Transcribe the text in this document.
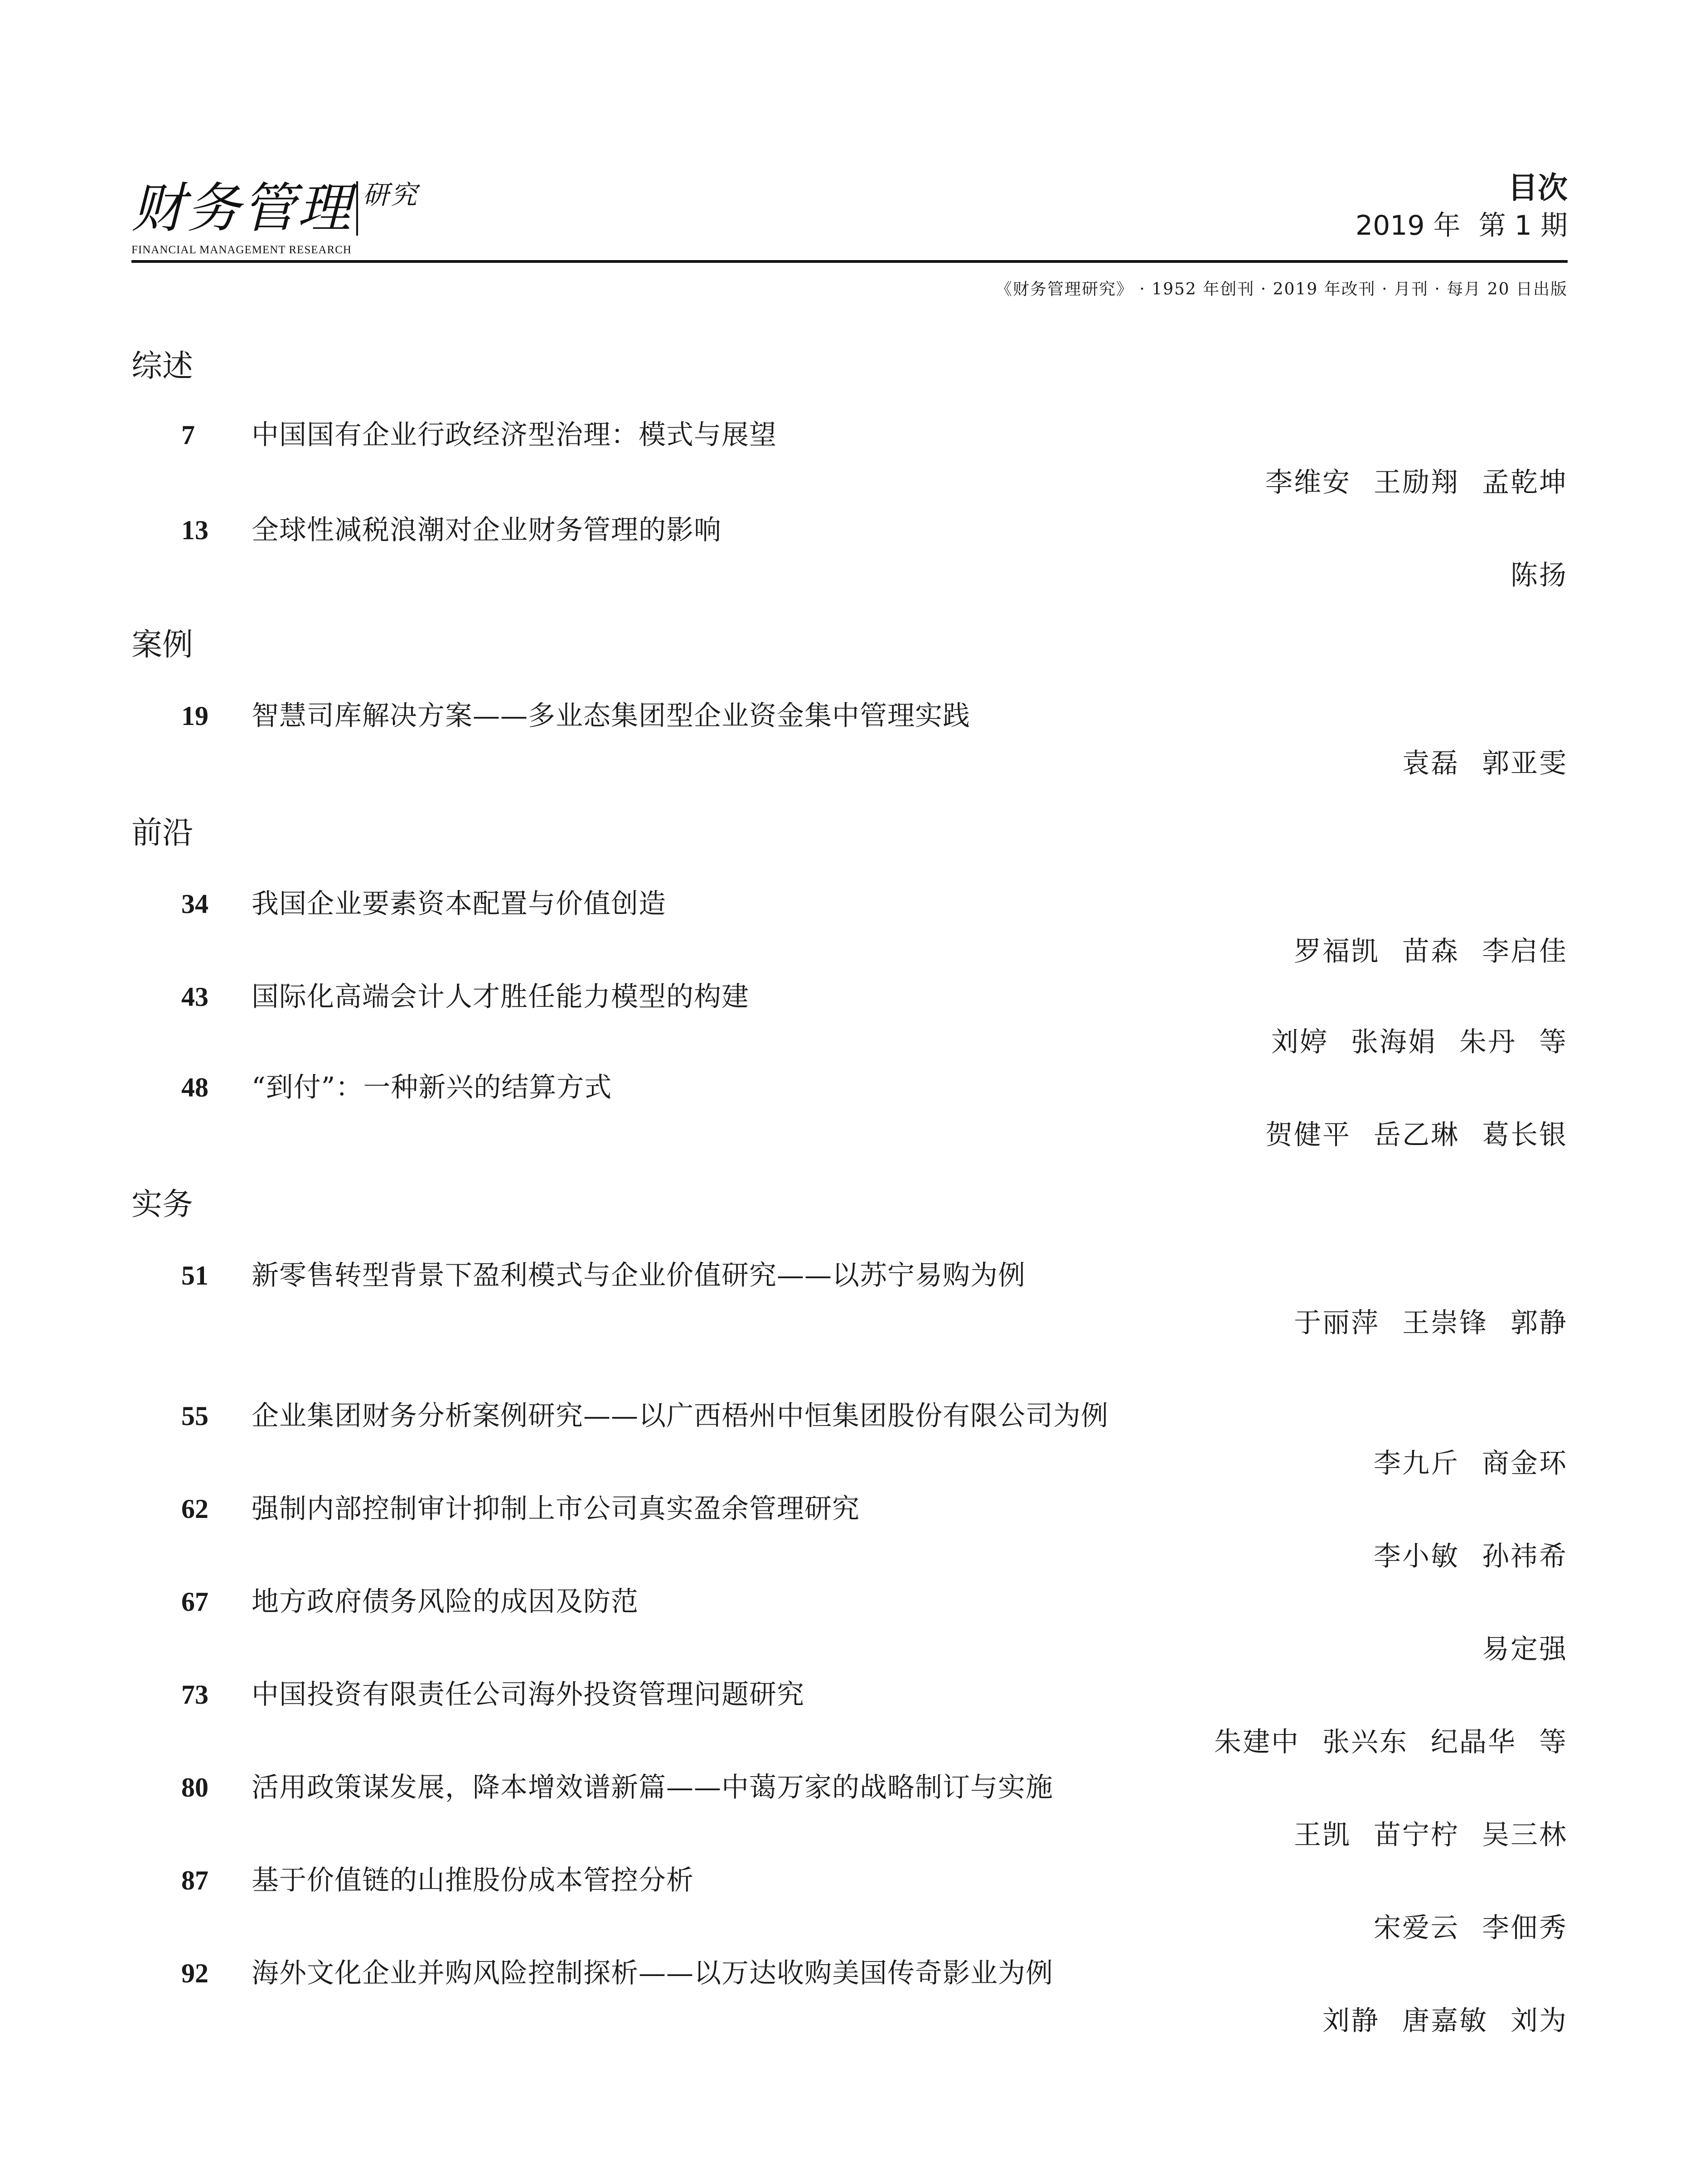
财务管理 研究
FINANCIAL MANAGEMENT RESEARCH
目次
2019 年 第 1 期
《财务管理研究》 · 1952 年创刊 · 2019 年改刊 · 月刊 · 每月 20 日出版
综述
7	中国国有企业行政经济型治理：模式与展望
李维安 王励翔 孟乾坤
13	全球性减税浪潮对企业财务管理的影响
陈扬
案例
19	智慧司库解决方案——多业态集团型企业资金集中管理实践
袁磊 郭亚雯
前沿
34	我国企业要素资本配置与价值创造
罗福凯 苗森 李启佳
43	国际化高端会计人才胜任能力模型的构建
刘婷 张海娟 朱丹 等
48	“到付”：一种新兴的结算方式
贺健平 岳乙琳 葛长银
实务
51	新零售转型背景下盈利模式与企业价值研究——以苏宁易购为例
于丽萍 王崇锋 郭静
55	企业集团财务分析案例研究——以广西梧州中恒集团股份有限公司为例
李九斤 商金环
62	强制内部控制审计抑制上市公司真实盈余管理研究
李小敏 孙祎希
67	地方政府债务风险的成因及防范
易定强
73	中国投资有限责任公司海外投资管理问题研究
朱建中 张兴东 纪晶华 等
80	活用政策谋发展，降本增效谱新篇——中蔼万家的战略制订与实施
王凯 苗宁柠 吴三林
87	基于价值链的山推股份成本管控分析
宋爱云 李佃秀
92	海外文化企业并购风险控制探析——以万达收购美国传奇影业为例
刘静 唐嘉敏 刘为
